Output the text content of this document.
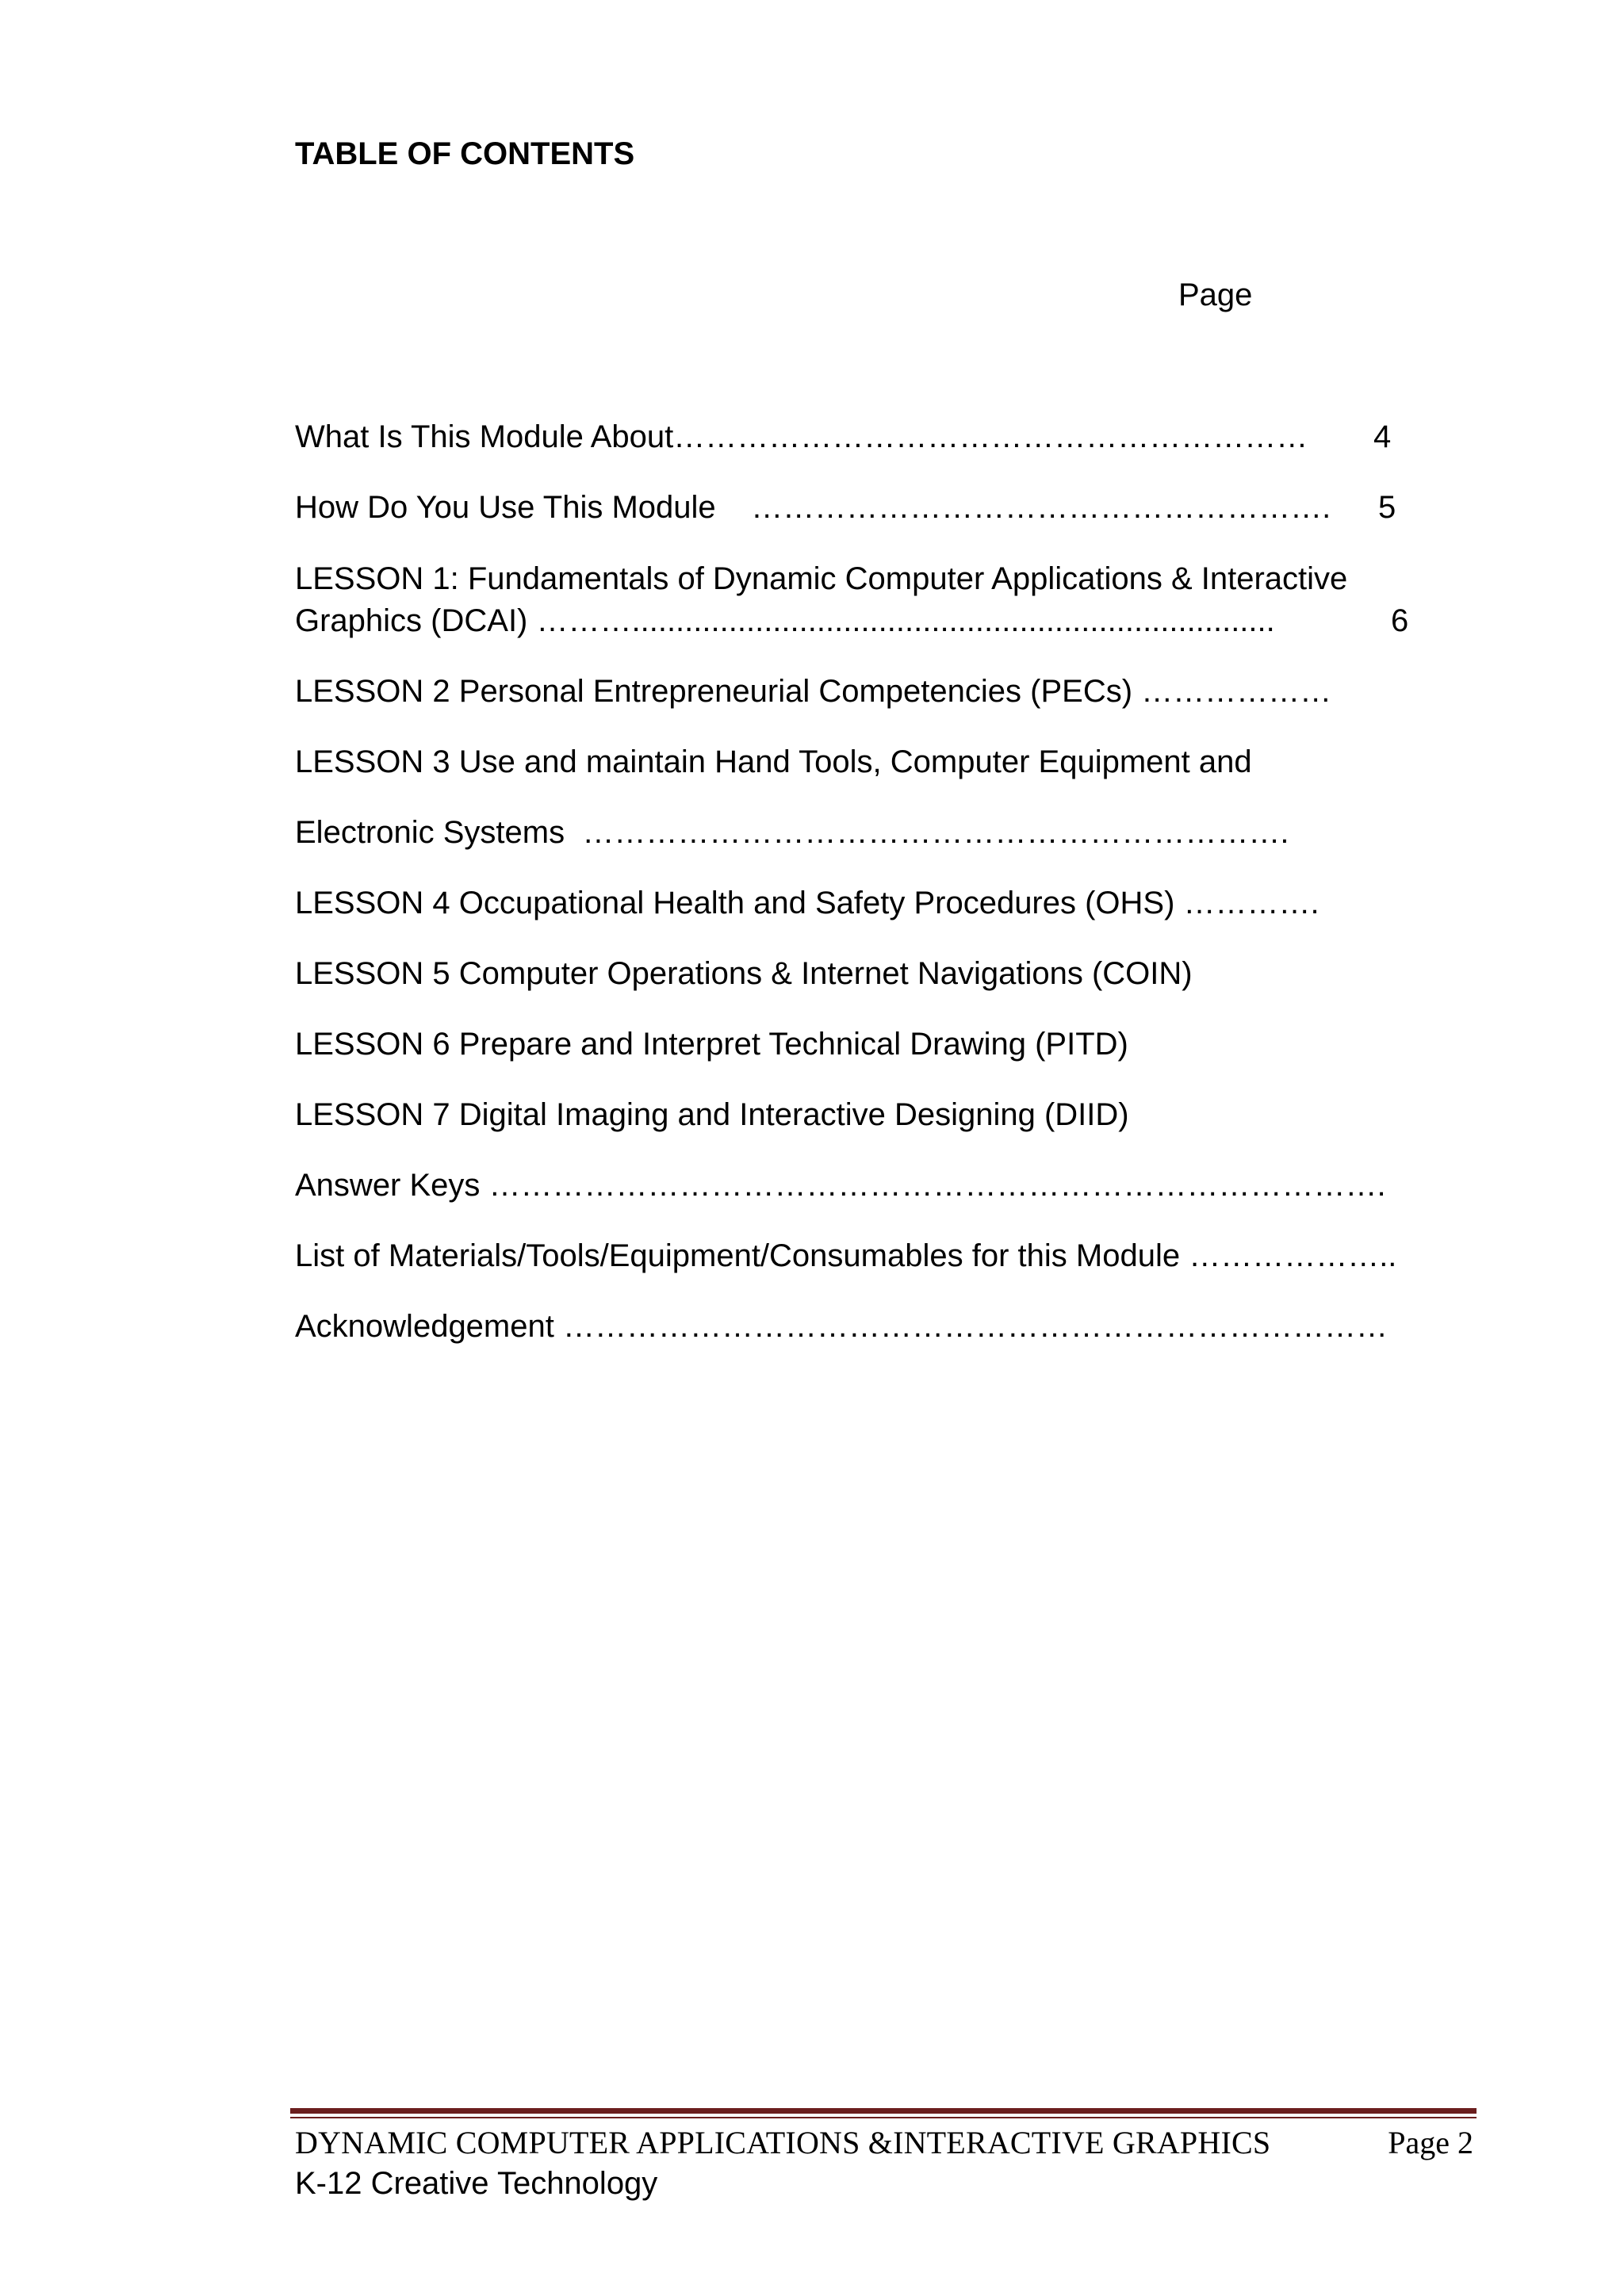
TABLE OF CONTENTS
Page
What Is This Module About…………………………………………………… 4
How Do You Use This Module    ………………………………………………. 5
LESSON 1: Fundamentals of Dynamic Computer Applications & Interactive
Graphics (DCAI) ……….........................................................................	6
LESSON 2 Personal Entrepreneurial Competencies (PECs) ………………
LESSON 3 Use and maintain Hand Tools, Computer Equipment and
Electronic Systems  ………………………………………………………….
LESSON 4 Occupational Health and Safety Procedures (OHS) ………….
LESSON 5 Computer Operations & Internet Navigations (COIN)
LESSON 6 Prepare and Interpret Technical Drawing (PITD)
LESSON 7 Digital Imaging and Interactive Designing (DIID)
Answer Keys ………………………………………………………………………….
List of Materials/Tools/Equipment/Consumables for this Module ………………..
Acknowledgement ……………………………………………………………………
DYNAMIC COMPUTER APPLICATIONS &INTERACTIVE GRAPHICS	Page 2
K-12 Creative Technology
